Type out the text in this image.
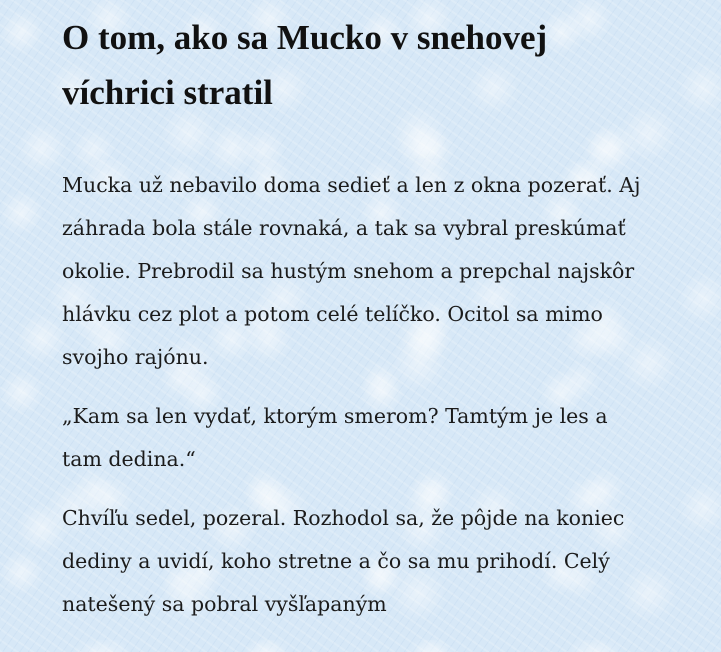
O tom, ako sa Mucko v snehovej víchrici stratil

Mucka už nebavilo doma sedieť a len z okna pozerať. Aj záhrada bola stále rovnaká, a tak sa vybral preskúmať okolie. Prebrodil sa hustým snehom a prepchal najskôr hlávku cez plot a potom celé telíčko. Ocitol sa mimo svojho rajónu.

„Kam sa len vydať, ktorým smerom? Tamtým je les a tam dedina.“

Chvíľu sedel, pozeral. Rozhodol sa, že pôjde na koniec dediny a uvidí, koho stretne a čo sa mu prihodí. Celý natešený sa pobral vyšľapaným
